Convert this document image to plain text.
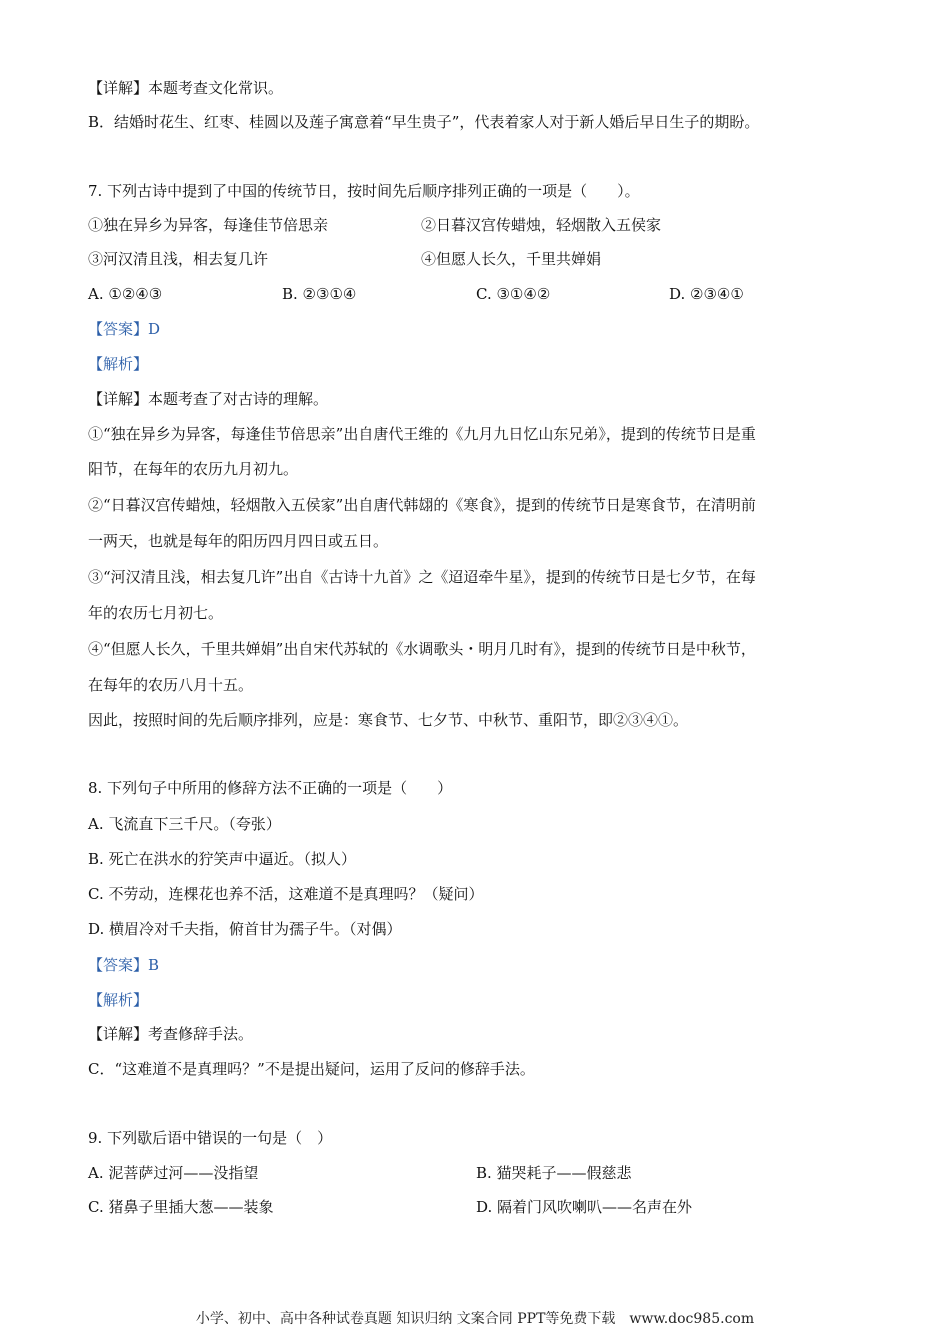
【详解】本题考查文化常识。
B．结婚时花生、红枣、桂圆以及莲子寓意着“早生贵子”，代表着家人对于新人婚后早日生子的期盼。
7. 下列古诗中提到了中国的传统节日，按时间先后顺序排列正确的一项是（　　）。
①独在异乡为异客，每逢佳节倍思亲	②日暮汉宫传蜡烛，轻烟散入五侯家
③河汉清且浅，相去复几许	④但愿人长久，千里共婵娟
A. ①②④③	B. ②③①④	C. ③①④②	D. ②③④①
【答案】D
【解析】
【详解】本题考查了对古诗的理解。
①“独在异乡为异客，每逢佳节倍思亲”出自唐代王维的《九月九日忆山东兄弟》，提到的传统节日是重
阳节，在每年的农历九月初九。
②“日暮汉宫传蜡烛，轻烟散入五侯家”出自唐代韩翃的《寒食》，提到的传统节日是寒食节，在清明前
一两天，也就是每年的阳历四月四日或五日。
③“河汉清且浅，相去复几许”出自《古诗十九首》之《迢迢牵牛星》，提到的传统节日是七夕节，在每
年的农历七月初七。
④“但愿人长久，千里共婵娟”出自宋代苏轼的《水调歌头・明月几时有》，提到的传统节日是中秋节，
在每年的农历八月十五。
因此，按照时间的先后顺序排列，应是：寒食节、七夕节、中秋节、重阳节，即②③④①。
8. 下列句子中所用的修辞方法不正确的一项是（　　）
A. 飞流直下三千尺。（夸张）
B. 死亡在洪水的狞笑声中逼近。（拟人）
C. 不劳动，连棵花也养不活，这难道不是真理吗？（疑问）
D. 横眉冷对千夫指，俯首甘为孺子牛。（对偶）
【答案】B
【解析】
【详解】考查修辞手法。
C．“这难道不是真理吗？”不是提出疑问，运用了反问的修辞手法。
9. 下列歇后语中错误的一句是（　）
A. 泥菩萨过河——没指望	B. 猫哭耗子——假慈悲
C. 猪鼻子里插大葱——装象	D. 隔着门风吹喇叭——名声在外
小学、初中、高中各种试卷真题 知识归纳 文案合同 PPT等免费下载 www.doc985.com
